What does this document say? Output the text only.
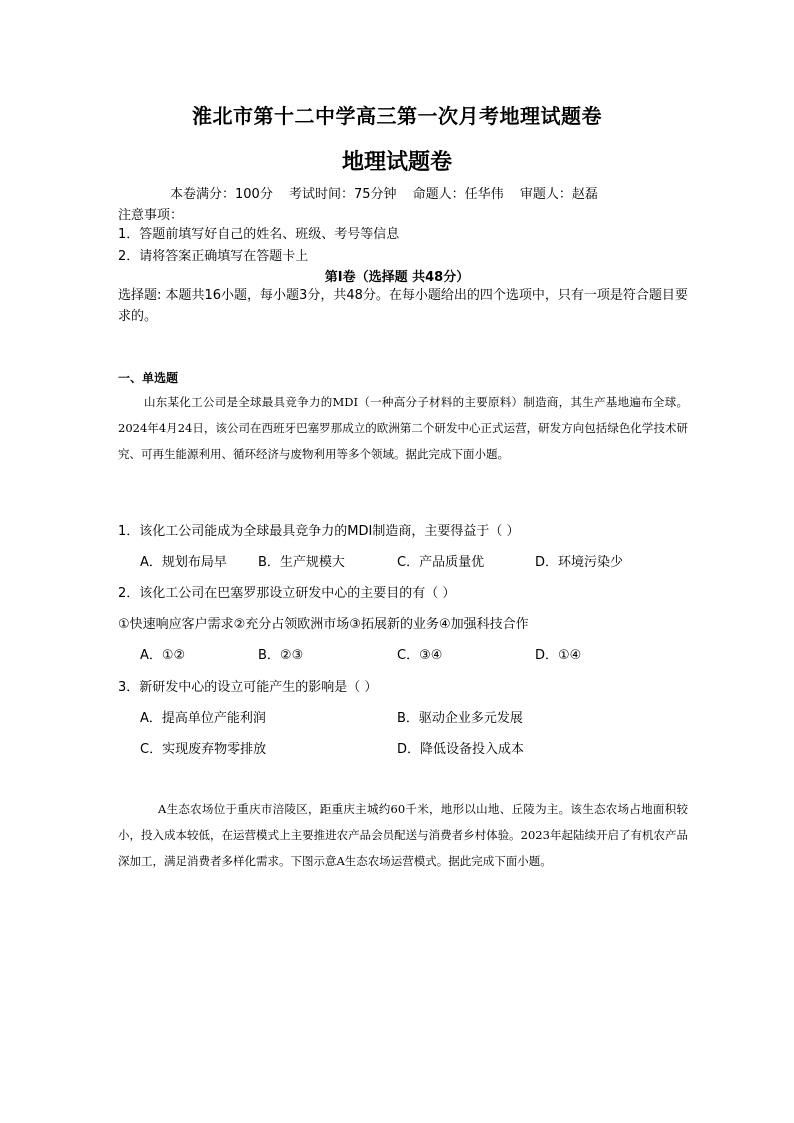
淮北市第十二中学高三第一次月考地理试题卷
地理试题卷
本卷满分：100分 考试时间：75分钟 命题人：任华伟 审题人：赵磊
注意事项：
1．答题前填写好自己的姓名、班级、考号等信息
2．请将答案正确填写在答题卡上
第I卷（选择题 共48分）
选择题: 本题共16小题，每小题3分，共48分。在每小题给出的四个选项中，只有一项是符合题目要求的。
一、单选题
山东某化工公司是全球最具竞争力的MDI（一种高分子材料的主要原料）制造商，其生产基地遍布全球。2024年4月24日，该公司在西班牙巴塞罗那成立的欧洲第二个研发中心正式运营，研发方向包括绿色化学技术研究、可再生能源利用、循环经济与废物利用等多个领域。据此完成下面小题。
1．该化工公司能成为全球最具竞争力的MDI制造商，主要得益于（ ）
A．规划布局早 B．生产规模大	C．产品质量优	D．环境污染少
2．该化工公司在巴塞罗那设立研发中心的主要目的有（ ）
①快速响应客户需求②充分占领欧洲市场③拓展新的业务④加强科技合作
A．①②	B．②③	C．③④	D．①④
3．新研发中心的设立可能产生的影响是（ ）
A．提高单位产能利润	B．驱动企业多元发展
C．实现废弃物零排放	D．降低设备投入成本
A生态农场位于重庆市涪陵区，距重庆主城约60千米，地形以山地、丘陵为主。该生态农场占地面积较小，投入成本较低，在运营模式上主要推进农产品会员配送与消费者乡村体验。2023年起陆续开启了有机农产品深加工，满足消费者多样化需求。下图示意A生态农场运营模式。据此完成下面小题。
